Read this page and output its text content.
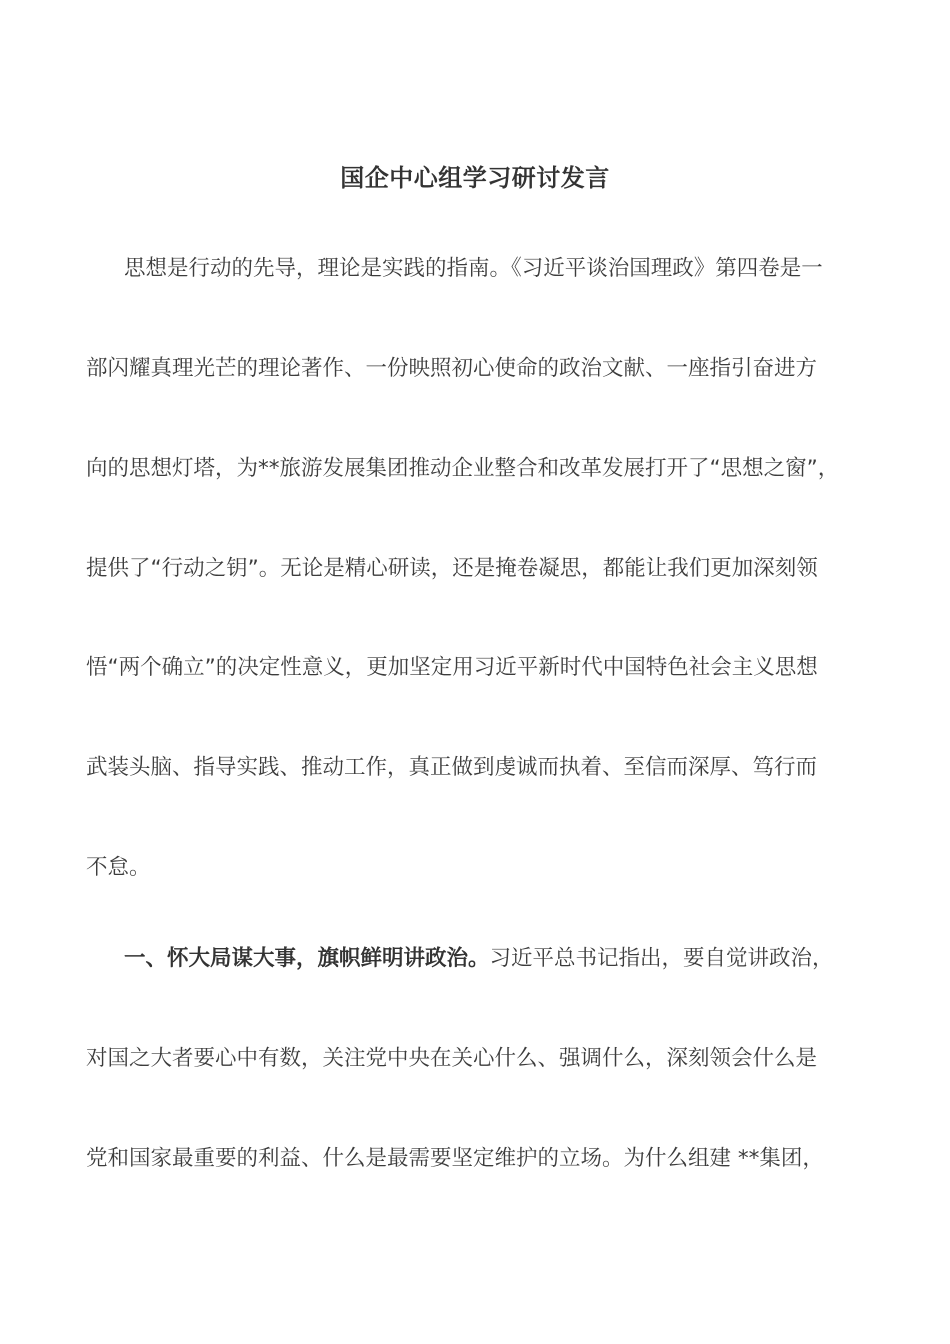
国企中心组学习研讨发言
思想是行动的先导，理论是实践的指南。《习近平谈治国理政》第四卷是一
部闪耀真理光芒的理论著作、一份映照初心使命的政治文献、一座指引奋进方
向的思想灯塔，为**旅游发展集团推动企业整合和改革发展打开了“思想之窗”，
提供了“行动之钥”。无论是精心研读，还是掩卷凝思，都能让我们更加深刻领
悟“两个确立”的决定性意义，更加坚定用习近平新时代中国特色社会主义思想
武装头脑、指导实践、推动工作，真正做到虔诚而执着、至信而深厚、笃行而
不怠。
一、怀大局谋大事，旗帜鲜明讲政治。习近平总书记指出，要自觉讲政治，
对国之大者要心中有数，关注党中央在关心什么、强调什么，深刻领会什么是
党和国家最重要的利益、什么是最需要坚定维护的立场。为什么组建 **集团，
